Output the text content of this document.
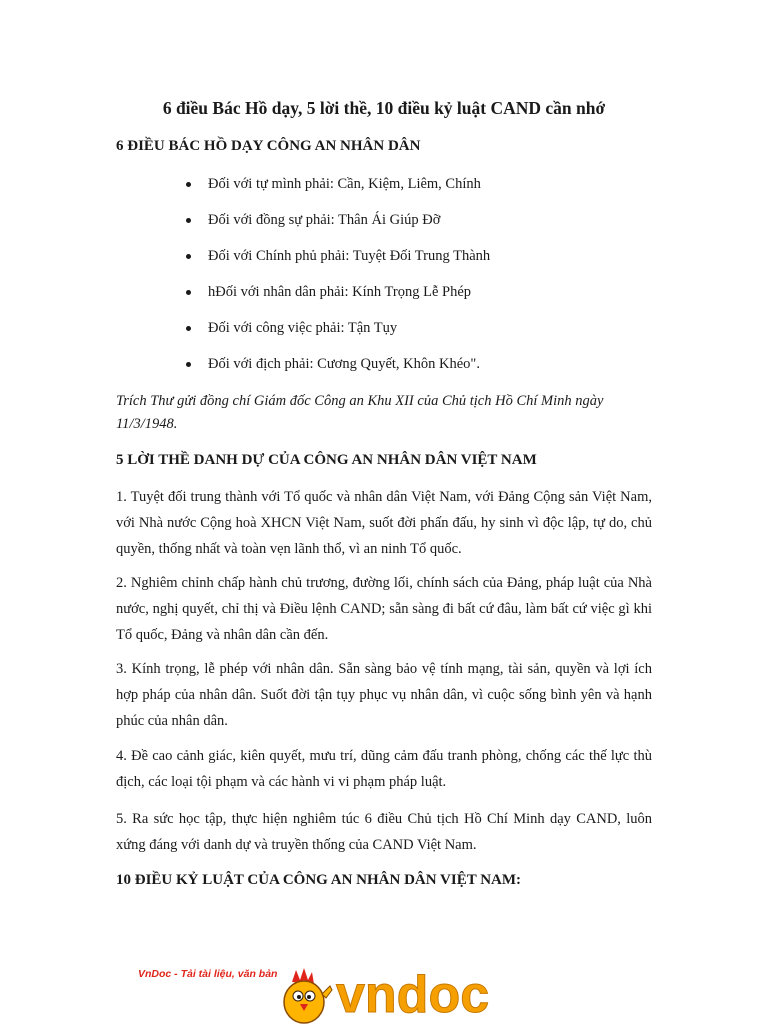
6 điều Bác Hồ dạy, 5 lời thề, 10 điều kỷ luật CAND cần nhớ
6 ĐIỀU BÁC HỒ DẠY CÔNG AN NHÂN DÂN
Đối với tự mình phải: Cần, Kiệm, Liêm, Chính
Đối với đồng sự phải: Thân Ái Giúp Đỡ
Đối với Chính phủ phải: Tuyệt Đối Trung Thành
hĐối với nhân dân phải: Kính Trọng Lễ Phép
Đối với công việc phải: Tận Tụy
Đối với địch phải: Cương Quyết, Khôn Khéo".

Trích Thư gửi đồng chí Giám đốc Công an Khu XII của Chủ tịch Hồ Chí Minh ngày 11/3/1948.

5 LỜI THỀ DANH DỰ CỦA CÔNG AN NHÂN DÂN VIỆT NAM

1. Tuyệt đối trung thành với Tổ quốc và nhân dân Việt Nam, với Đảng Cộng sản Việt Nam, với Nhà nước Cộng hoà XHCN Việt Nam, suốt đời phấn đấu, hy sinh vì độc lập, tự do, chủ quyền, thống nhất và toàn vẹn lãnh thổ, vì an ninh Tổ quốc.

2. Nghiêm chỉnh chấp hành chủ trương, đường lối, chính sách của Đảng, pháp luật của Nhà nước, nghị quyết, chỉ thị và Điều lệnh CAND; sẵn sàng đi bất cứ đâu, làm bất cứ việc gì khi Tổ quốc, Đảng và nhân dân cần đến.

3. Kính trọng, lễ phép với nhân dân. Sẵn sàng bảo vệ tính mạng, tài sản, quyền và lợi ích hợp pháp của nhân dân. Suốt đời tận tụy phục vụ nhân dân, vì cuộc sống bình yên và hạnh phúc của nhân dân.

4. Đề cao cảnh giác, kiên quyết, mưu trí, dũng cảm đấu tranh phòng, chống các thế lực thù địch, các loại tội phạm và các hành vi vi phạm pháp luật.

5. Ra sức học tập, thực hiện nghiêm túc 6 điều Chủ tịch Hồ Chí Minh dạy CAND, luôn xứng đáng với danh dự và truyền thống của CAND Việt Nam.

10 ĐIỀU KỶ LUẬT CỦA CÔNG AN NHÂN DÂN VIỆT NAM:
VnDoc - Tải tài liệu, văn bản vndoc
